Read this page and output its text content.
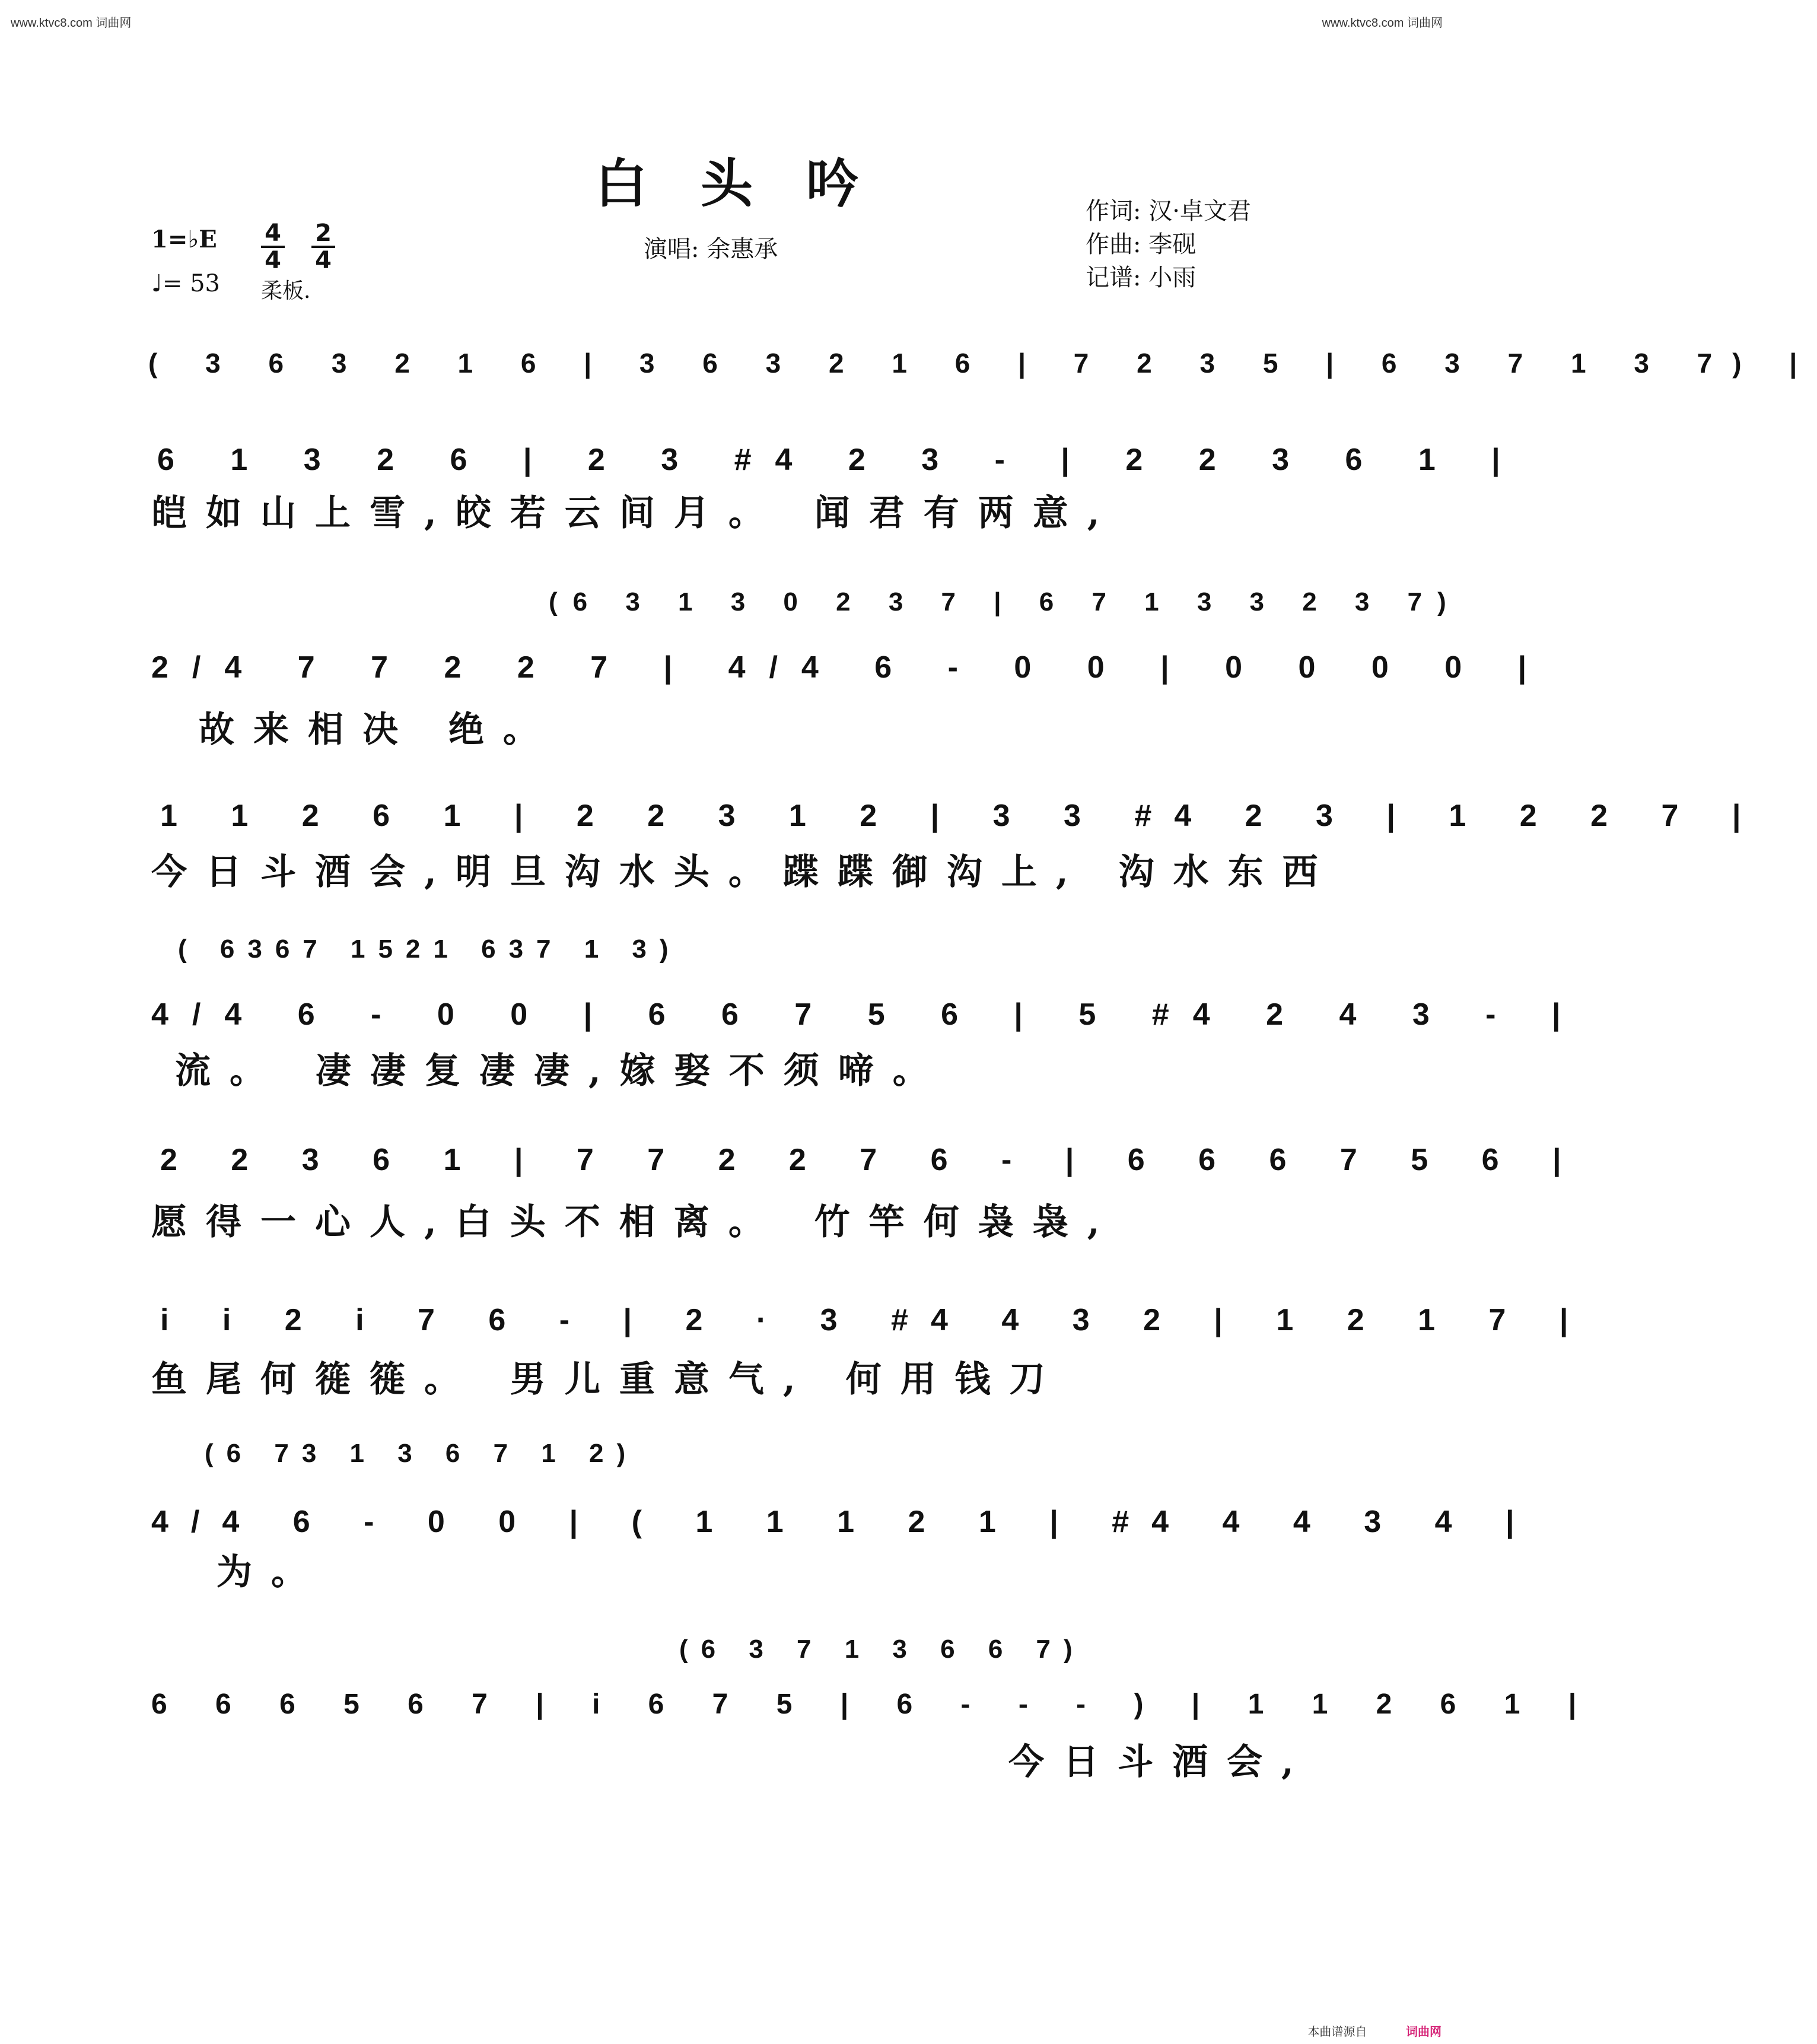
www.ktvc8.com 词曲网	www.ktvc8.com 词曲网
白头吟
1=♭E 4
4
2
4
♩= 53 柔板.
演唱: 余惠承
作词: 汉·卓文君
作曲: 李砚
记谱: 小雨
( 3 6 3 2 1 6 | 3 6 3 2 1 6 | 7 2 3 5 | 6 3 7 1 3 7) |
6 1 3 2 6 | 2 3 #4 2 3 - | 2 2 3 6 1 |
皑如山上雪,皎若云间月。 闻君有两意,
(6 3 1 3 0 2 3 7 | 6 7 1 3 3 2 3 7)
2/4 7 7 2 2 7 | 4/4 6 - 0 0 | 0 0 0 0 |
故来相决 绝。
1 1 2 6 1 | 2 2 3 1 2 | 3 3 #4 2 3 | 1 2 2 7 |
今日斗酒会,明旦沟水头。蹀蹀御沟上, 沟水东西
( 6367 1521 637 1 3)
4/4 6 - 0 0 | 6 6 7 5 6 | 5 #4 2 4 3 - |
流。 凄凄复凄凄,嫁娶不须啼。
2 2 3 6 1 | 7 7 2 2 7 6 - | 6 6 6 7 5 6 |
愿得一心人,白头不相离。 竹竿何袅袅,
i i 2 i 7 6 - | 2 · 3 #4 4 3 2 | 1 2 1 7 |
鱼尾何簁簁。 男儿重意气, 何用钱刀
(6 73 1 3 6 7 1 2)
4/4 6 - 0 0 | ( 1 1 1 2 1 | #4 4 4 3 4 |
为。
(6 3 7 1 3 6 6 7)
6 6 6 5 6 7 | i 6 7 5 | 6 - - - ) | 1 1 2 6 1 |
今日斗酒会,
本曲谱源自	词曲网
